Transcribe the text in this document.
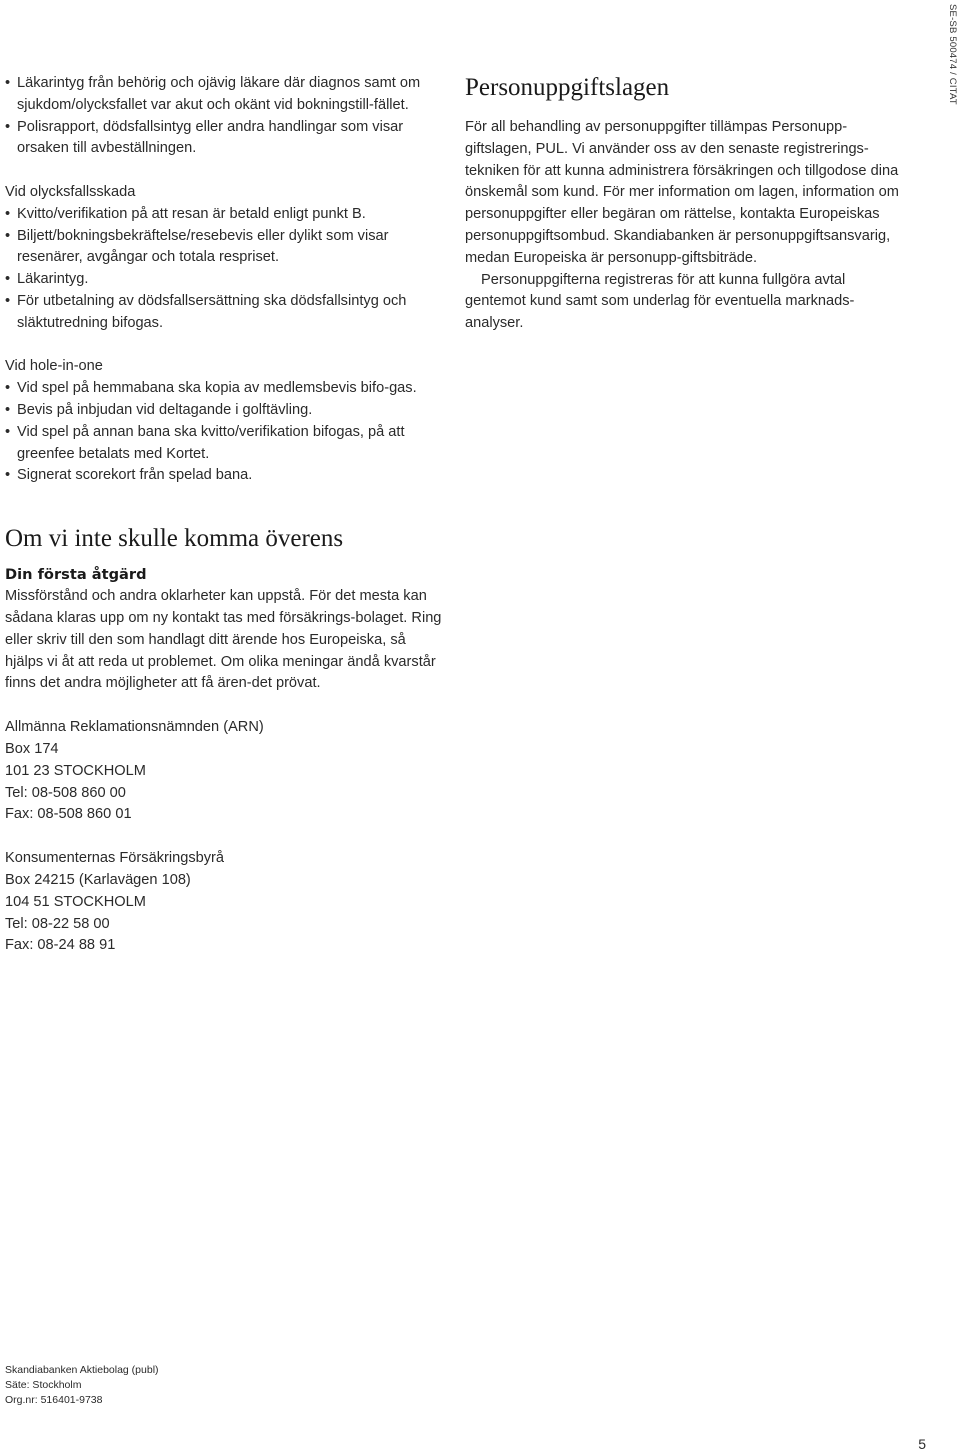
SE-SB 500474 / CITAT
• Läkarintyg från behörig och ojävig läkare där diagnos samt om sjukdom/olycksfallet var akut och okänt vid bokningstill-fället.
• Polisrapport, dödsfallsintyg eller andra handlingar som visar orsaken till avbeställningen.

Vid olycksfallsskada

• Kvitto/verifikation på att resan är betald enligt punkt B.
• Biljett/bokningsbekräftelse/resebevis eller dylikt som visar resenärer, avgångar och totala respriset.
• Läkarintyg.
• För utbetalning av dödsfallsersättning ska dödsfallsintyg och släktutredning bifogas.

Vid hole-in-one

• Vid spel på hemmabana ska kopia av medlemsbevis bifo-gas.
• Bevis på inbjudan vid deltagande i golftävling.
• Vid spel på annan bana ska kvitto/verifikation bifogas, på att greenfee betalats med Kortet.
• Signerat scorekort från spelad bana.
Om vi inte skulle komma överens
Din första åtgärd

Missförstånd och andra oklarheter kan uppstå. För det mesta kan sådana klaras upp om ny kontakt tas med försäkrings-bolaget. Ring eller skriv till den som handlagt ditt ärende hos Europeiska, så hjälps vi åt att reda ut problemet. Om olika meningar ändå kvarstår finns det andra möjligheter att få ären-det prövat.

Allmänna Reklamationsnämnden (ARN)
Box 174
101 23 STOCKHOLM
Tel: 08-508 860 00
Fax: 08-508 860 01
Konsumenternas Försäkringsbyrå
Box 24215 (Karlavägen 108)
104 51 STOCKHOLM
Tel: 08-22 58 00
Fax: 08-24 88 91
Personuppgiftslagen

För all behandling av personuppgifter tillämpas Personupp-giftslagen, PUL. Vi använder oss av den senaste registrerings-tekniken för att kunna administrera försäkringen och tillgodose dina önskemål som kund. För mer information om lagen, information om personuppgifter eller begäran om rättelse, kontakta Europeiskas personuppgiftsombud. Skandiabanken är personuppgiftsansvarig, medan Europeiska är personupp-giftsbiträde.

Personuppgifterna registreras för att kunna fullgöra avtal gentemot kund samt som underlag för eventuella marknads-analyser.

Skandiabanken Aktiebolag (publ)
Säte: Stockholm
Org.nr: 516401-9738
5
